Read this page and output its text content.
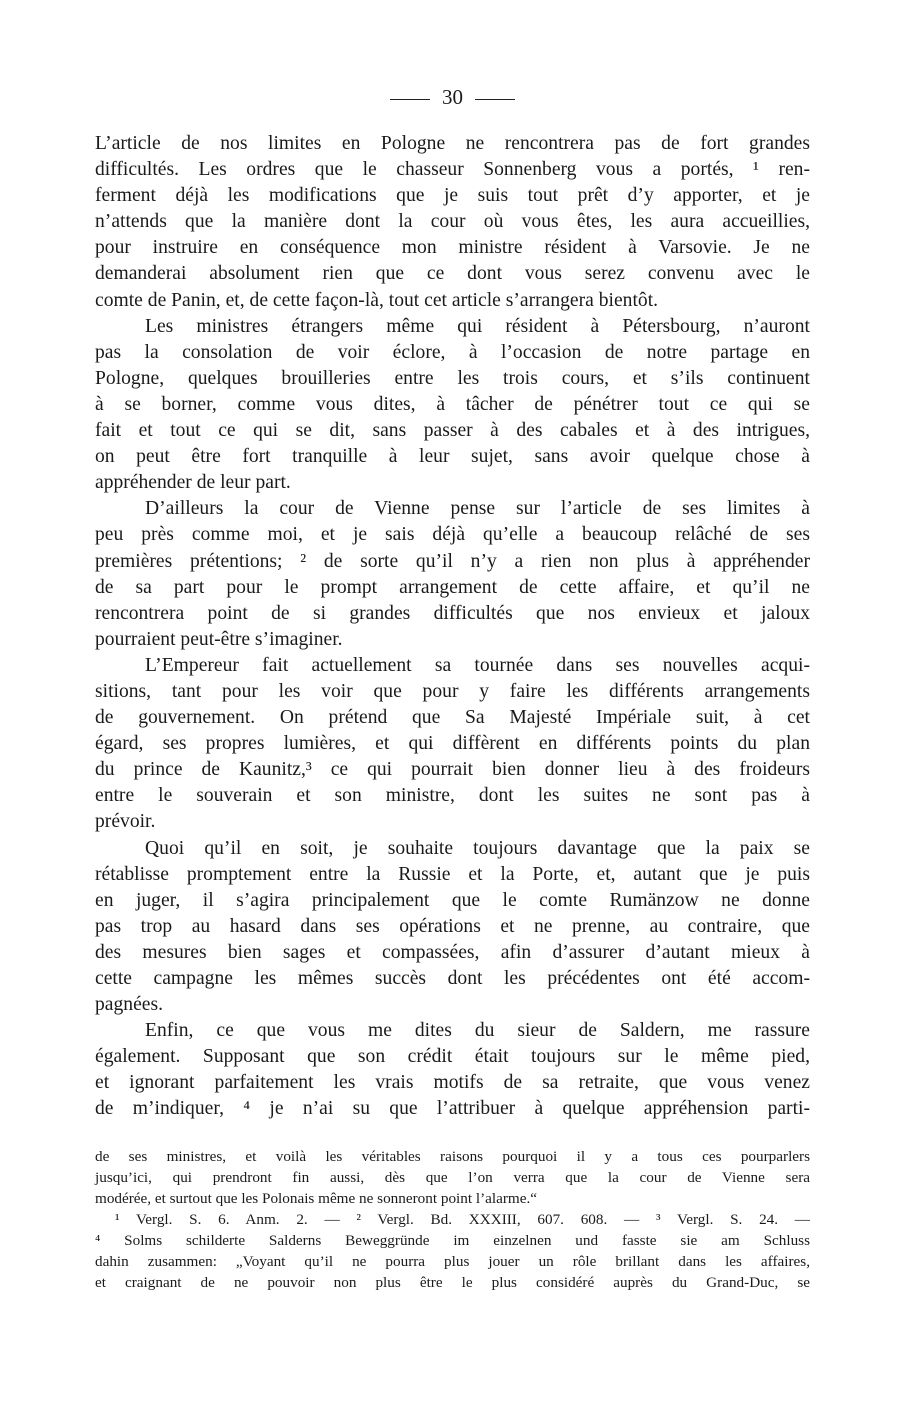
30
L’article de nos limites en Pologne ne rencontrera pas de fort grandes
difficultés. Les ordres que le chasseur Sonnenberg vous a portés, ¹ ren-
ferment déjà les modifications que je suis tout prêt d’y apporter, et je
n’attends que la manière dont la cour où vous êtes, les aura accueillies,
pour instruire en conséquence mon ministre résident à Varsovie. Je ne
demanderai absolument rien que ce dont vous serez convenu avec le
comte de Panin, et, de cette façon-là, tout cet article s’arrangera bientôt.
Les ministres étrangers même qui résident à Pétersbourg, n’auront
pas la consolation de voir éclore, à l’occasion de notre partage en
Pologne, quelques brouilleries entre les trois cours, et s’ils continuent
à se borner, comme vous dites, à tâcher de pénétrer tout ce qui se
fait et tout ce qui se dit, sans passer à des cabales et à des intrigues,
on peut être fort tranquille à leur sujet, sans avoir quelque chose à
appréhender de leur part.
D’ailleurs la cour de Vienne pense sur l’article de ses limites à
peu près comme moi, et je sais déjà qu’elle a beaucoup relâché de ses
premières prétentions; ² de sorte qu’il n’y a rien non plus à appréhender
de sa part pour le prompt arrangement de cette affaire, et qu’il ne
rencontrera point de si grandes difficultés que nos envieux et jaloux
pourraient peut-être s’imaginer.
L’Empereur fait actuellement sa tournée dans ses nouvelles acqui-
sitions, tant pour les voir que pour y faire les différents arrangements
de gouvernement. On prétend que Sa Majesté Impériale suit, à cet
égard, ses propres lumières, et qui diffèrent en différents points du plan
du prince de Kaunitz,³ ce qui pourrait bien donner lieu à des froideurs
entre le souverain et son ministre, dont les suites ne sont pas à
prévoir.
Quoi qu’il en soit, je souhaite toujours davantage que la paix se
rétablisse promptement entre la Russie et la Porte, et, autant que je puis
en juger, il s’agira principalement que le comte Rumänzow ne donne
pas trop au hasard dans ses opérations et ne prenne, au contraire, que
des mesures bien sages et compassées, afin d’assurer d’autant mieux à
cette campagne les mêmes succès dont les précédentes ont été accom-
pagnées.
Enfin, ce que vous me dites du sieur de Saldern, me rassure
également. Supposant que son crédit était toujours sur le même pied,
et ignorant parfaitement les vrais motifs de sa retraite, que vous venez
de m’indiquer, ⁴ je n’ai su que l’attribuer à quelque appréhension parti-
de ses ministres, et voilà les véritables raisons pourquoi il y a tous ces pourparlers
jusqu’ici, qui prendront fin aussi, dès que l’on verra que la cour de Vienne sera
modérée, et surtout que les Polonais même ne sonneront point l’alarme.“
¹ Vergl. S. 6. Anm. 2. — ² Vergl. Bd. XXXIII, 607. 608. — ³ Vergl. S. 24. —
⁴ Solms schilderte Salderns Beweggründe im einzelnen und fasste sie am Schluss
dahin zusammen: „Voyant qu’il ne pourra plus jouer un rôle brillant dans les affaires,
et craignant de ne pouvoir non plus être le plus considéré auprès du Grand-Duc, se
